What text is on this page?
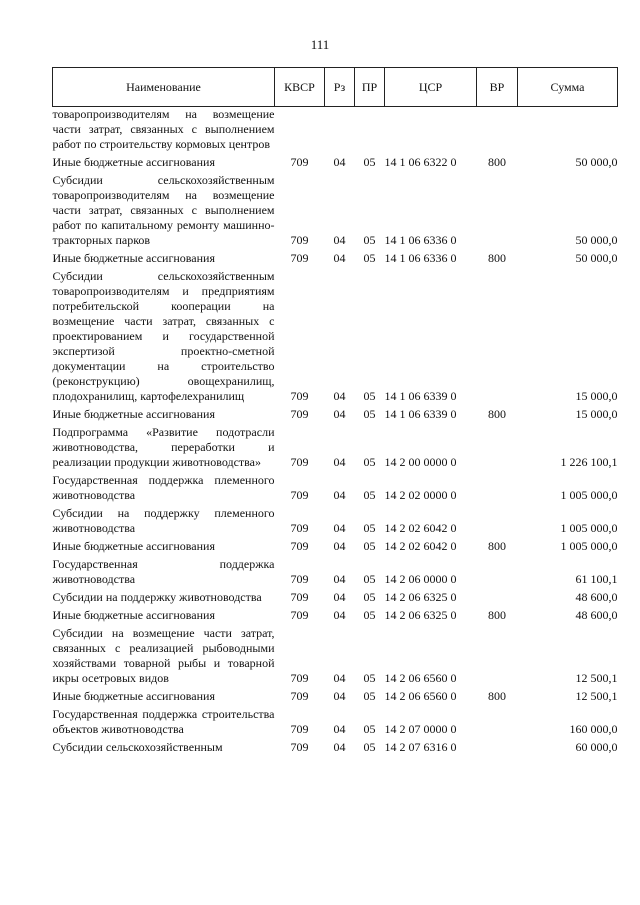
111
Наименование	КВСР	Рз	ПР	ЦСР	ВР	Сумма
товаропроизводителям на возмещение части затрат, связанных с выполнением работ по строительству кормовых центров						
Иные бюджетные ассигнования	709	04	05	14 1 06 6322 0	800	50 000,0
Субсидии сельскохозяйственным товаропроизводителям на возмещение части затрат, связанных с выполнением работ по капитальному ремонту машинно-тракторных парков	709	04	05	14 1 06 6336 0		50 000,0
Иные бюджетные ассигнования	709	04	05	14 1 06 6336 0	800	50 000,0
Субсидии сельскохозяйственным товаропроизводителям и предприятиям потребительской кооперации на возмещение части затрат, связанных с проектированием и государственной экспертизой проектно-сметной документации на строительство (реконструкцию) овощехранилищ, плодохранилищ, картофелехранилищ	709	04	05	14 1 06 6339 0		15 000,0
Иные бюджетные ассигнования	709	04	05	14 1 06 6339 0	800	15 000,0
Подпрограмма «Развитие подотрасли животноводства, переработки и реализации продукции животноводства»	709	04	05	14 2 00 0000 0		1 226 100,1
Государственная поддержка племенного животноводства	709	04	05	14 2 02 0000 0		1 005 000,0
Субсидии на поддержку племенного животноводства	709	04	05	14 2 02 6042 0		1 005 000,0
Иные бюджетные ассигнования	709	04	05	14 2 02 6042 0	800	1 005 000,0
Государственная поддержка животноводства	709	04	05	14 2 06 0000 0		61 100,1
Субсидии на поддержку животноводства	709	04	05	14 2 06 6325 0		48 600,0
Иные бюджетные ассигнования	709	04	05	14 2 06 6325 0	800	48 600,0
Субсидии на возмещение части затрат, связанных с реализацией рыбоводными хозяйствами товарной рыбы и товарной икры осетровых видов	709	04	05	14 2 06 6560 0		12 500,1
Иные бюджетные ассигнования	709	04	05	14 2 06 6560 0	800	12 500,1
Государственная поддержка строительства объектов животноводства	709	04	05	14 2 07 0000 0		160 000,0
Субсидии сельскохозяйственным	709	04	05	14 2 07 6316 0		60 000,0
